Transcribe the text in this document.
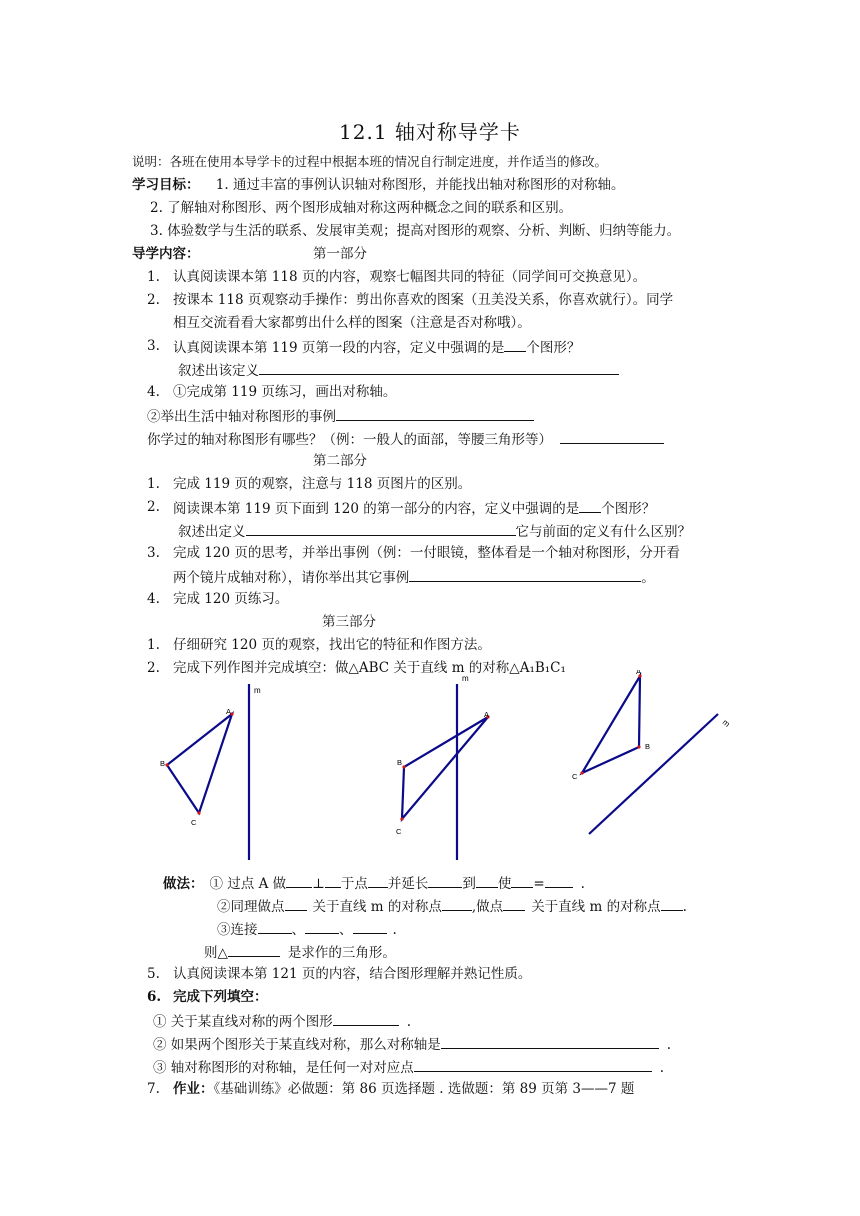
12.1 轴对称导学卡
说明：各班在使用本导学卡的过程中根据本班的情况自行制定进度，并作适当的修改。
学习目标： 1. 通过丰富的事例认识轴对称图形，并能找出轴对称图形的对称轴。
2. 了解轴对称图形、两个图形成轴对称这两种概念之间的联系和区别。
3. 体验数学与生活的联系、发展审美观；提高对图形的观察、分析、判断、归纳等能力。
导学内容：	第一部分
1. 认真阅读课本第 118 页的内容，观察七幅图共同的特征（同学间可交换意见）。
2. 按课本 118 页观察动手操作：剪出你喜欢的图案（丑美没关系，你喜欢就行）。同学
相互交流看看大家都剪出什么样的图案（注意是否对称哦）。
3. 认真阅读课本第 119 页第一段的内容，定义中强调的是 个图形？
叙述出该定义
4. ①完成第 119 页练习，画出对称轴。
②举出生活中轴对称图形的事例
你学过的轴对称图形有哪些？（例：一般人的面部，等腰三角形等）
第二部分
1. 完成 119 页的观察，注意与 118 页图片的区别。
2. 阅读课本第 119 页下面到 120 的第一部分的内容，定义中强调的是 个图形？
叙述出定义	它与前面的定义有什么区别？
3. 完成 120 页的思考，并举出事例（例：一付眼镜，整体看是一个轴对称图形，分开看
两个镜片成轴对称），请你举出其它事例	。
4. 完成 120 页练习。
第三部分
1. 仔细研究 120 页的观察，找出它的特征和作图方法。
2. 完成下列作图并完成填空：做△ABC 关于直线 m 的对称△A₁B₁C₁
m
A
B
C
m
A
B
C
m
A
B
C
做法： ① 过点 A 做 ⊥ 于点 并延长	到 使 =	.
②同理做点 关于直线 m 的对称点 ,做点 关于直线 m 的对称点 .
③连接	、	、	.
则△	是求作的三角形。
5. 认真阅读课本第 121 页的内容，结合图形理解并熟记性质。
6. 完成下列填空：
① 关于某直线对称的两个图形	.
② 如果两个图形关于某直线对称，那么对称轴是	.
③ 轴对称图形的对称轴，是任何一对对应点	.
7. 作业：《基础训练》必做题：第 86 页选择题 . 选做题：第 89 页第 3——7 题
